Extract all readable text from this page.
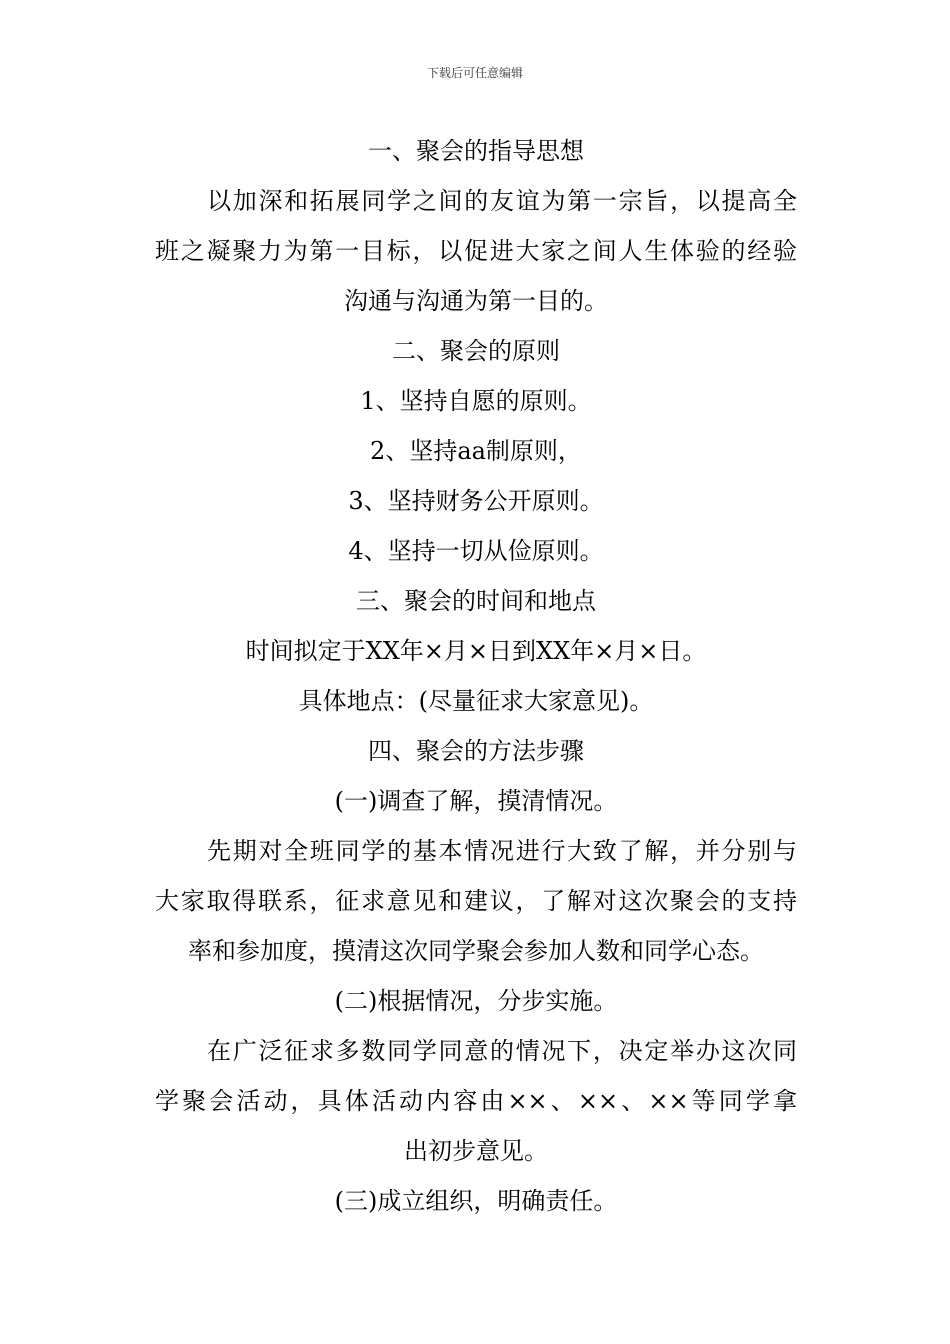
下载后可任意编辑
一、聚会的指导思想
以加深和拓展同学之间的友谊为第一宗旨，以提高全
班之凝聚力为第一目标，以促进大家之间人生体验的经验
沟通与沟通为第一目的。
二、聚会的原则
1、坚持自愿的原则。
2、坚持aa制原则，
3、坚持财务公开原则。
4、坚持一切从俭原则。
三、聚会的时间和地点
时间拟定于XX年×月×日到XX年×月×日。
具体地点：(尽量征求大家意见)。
四、聚会的方法步骤
(一)调查了解，摸清情况。
先期对全班同学的基本情况进行大致了解，并分别与
大家取得联系，征求意见和建议，了解对这次聚会的支持
率和参加度，摸清这次同学聚会参加人数和同学心态。
(二)根据情况，分步实施。
在广泛征求多数同学同意的情况下，决定举办这次同
学聚会活动，具体活动内容由××、××、××等同学拿
出初步意见。
(三)成立组织，明确责任。
